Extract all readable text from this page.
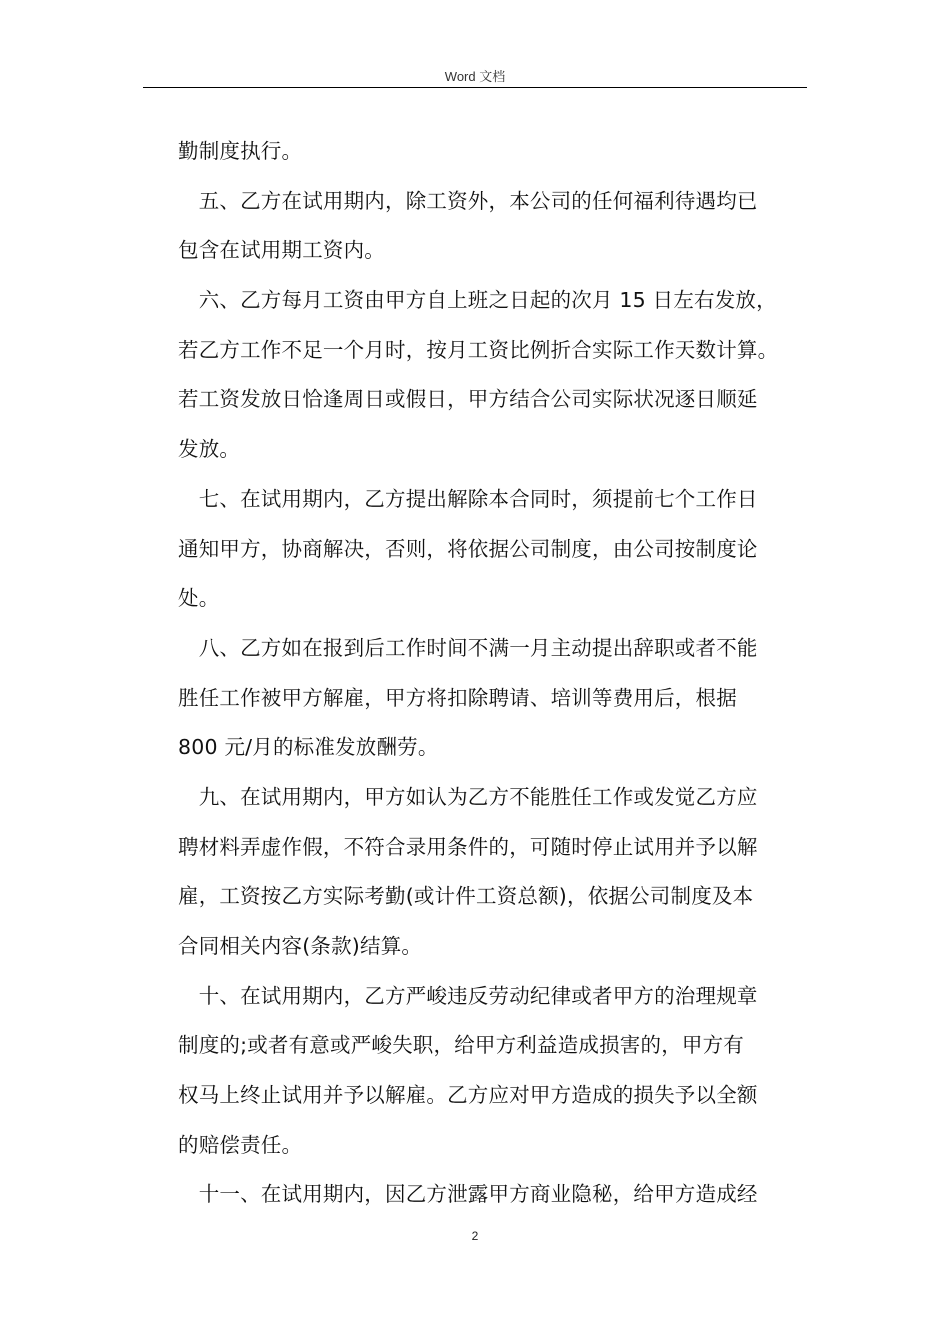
Word 文档
勤制度执行。
　五、乙方在试用期内，除工资外，本公司的任何福利待遇均已
包含在试用期工资内。
　六、乙方每月工资由甲方自上班之日起的次月 15 日左右发放，
若乙方工作不足一个月时，按月工资比例折合实际工作天数计算。
若工资发放日恰逢周日或假日，甲方结合公司实际状况逐日顺延
发放。
　七、在试用期内，乙方提出解除本合同时，须提前七个工作日
通知甲方，协商解决，否则，将依据公司制度，由公司按制度论
处。
　八、乙方如在报到后工作时间不满一月主动提出辞职或者不能
胜任工作被甲方解雇，甲方将扣除聘请、培训等费用后，根据
800 元/月的标准发放酬劳。
　九、在试用期内，甲方如认为乙方不能胜任工作或发觉乙方应
聘材料弄虚作假，不符合录用条件的，可随时停止试用并予以解
雇，工资按乙方实际考勤(或计件工资总额)，依据公司制度及本
合同相关内容(条款)结算。
　十、在试用期内，乙方严峻违反劳动纪律或者甲方的治理规章
制度的;或者有意或严峻失职，给甲方利益造成损害的，甲方有
权马上终止试用并予以解雇。乙方应对甲方造成的损失予以全额
的赔偿责任。
　十一、在试用期内，因乙方泄露甲方商业隐秘，给甲方造成经
2
